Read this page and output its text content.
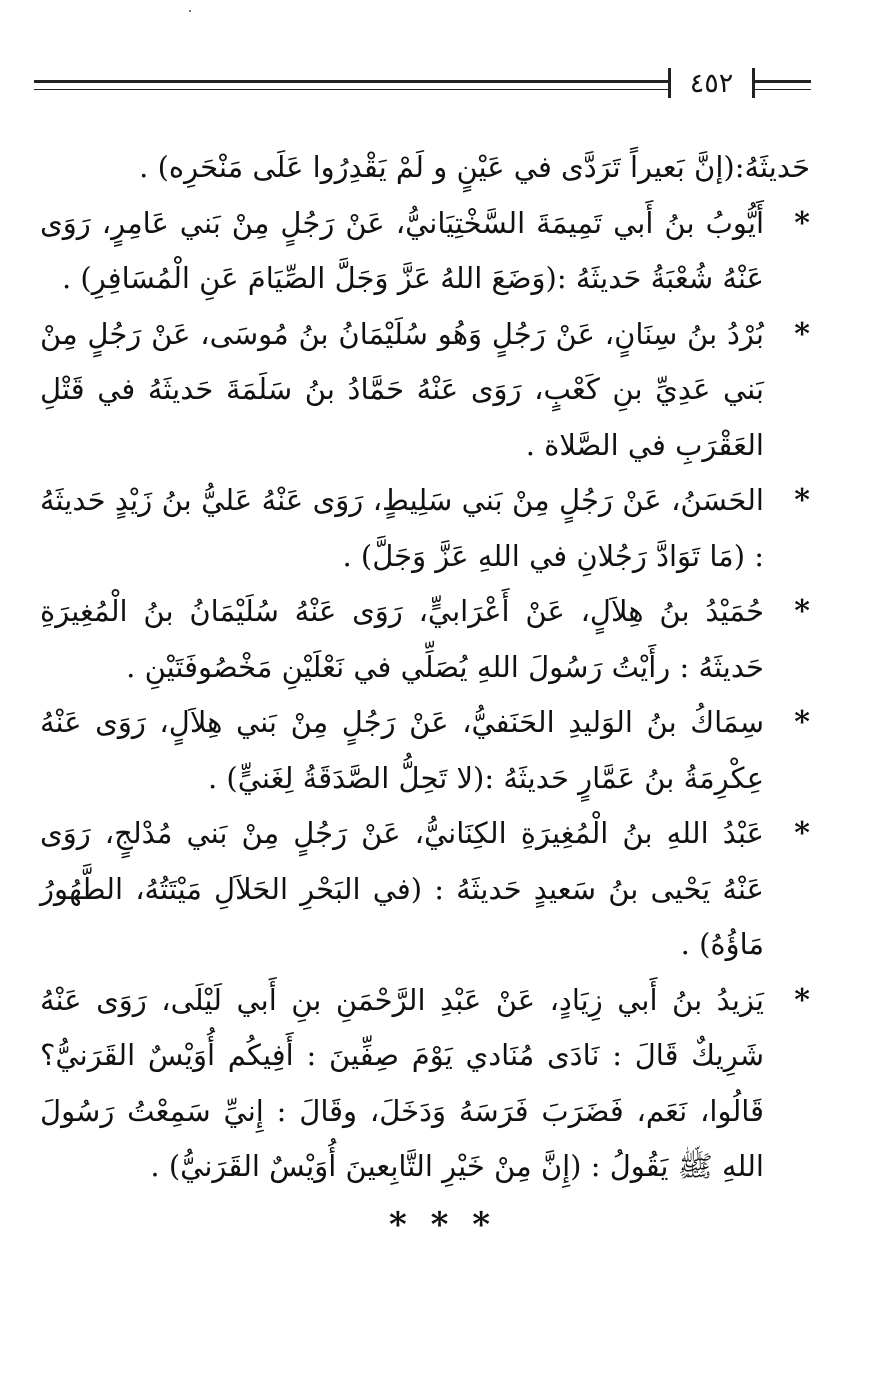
٤٥٢

حَديثَهُ:(إنَّ بَعيراً تَرَدَّى في عَيْنٍ و لَمْ يَقْدِرُوا عَلَى مَنْحَرِه) .

*
أَيُّوبُ بنُ أَبي تَمِيمَةَ السَّخْتِيَانيُّ، عَنْ رَجُلٍ مِنْ بَني عَامِرٍ، رَوَى عَنْهُ شُعْبَةُ حَديثَهُ :(وَضَعَ اللهُ عَزَّ وَجَلَّ الصِّيَامَ عَنِ الْمُسَافِرِ) .

*
بُرْدُ بنُ سِنَانٍ، عَنْ رَجُلٍ وَهُو سُلَيْمَانُ بنُ مُوسَى، عَنْ رَجُلٍ مِنْ بَني عَدِيِّ بنِ كَعْبٍ، رَوَى عَنْهُ حَمَّادُ بنُ سَلَمَةَ حَديثَهُ في قَتْلِ العَقْرَبِ في الصَّلاة .

*
الحَسَنُ، عَنْ رَجُلٍ مِنْ بَني سَلِيطٍ، رَوَى عَنْهُ عَليُّ بنُ زَيْدٍ حَديثَهُ : (مَا تَوَادَّ رَجُلانِ في اللهِ عَزَّ وَجَلَّ) .

*
حُمَيْدُ بنُ هِلاَلٍ، عَنْ أَعْرَابيٍّ، رَوَى عَنْهُ سُلَيْمَانُ بنُ الْمُغِيرَةِ حَديثَهُ : رأَيْتُ رَسُولَ اللهِ يُصَلِّي في نَعْلَيْنِ مَخْصُوفَتَيْنِ .

*
سِمَاكُ بنُ الوَليدِ الحَنَفيُّ، عَنْ رَجُلٍ مِنْ بَني هِلاَلٍ، رَوَى عَنْهُ عِكْرِمَةُ بنُ عَمَّارٍ حَديثَهُ :(لا تَحِلُّ الصَّدَقَةُ لِغَنيٍّ) .

*
عَبْدُ اللهِ بنُ الْمُغِيرَةِ الكِنَانيُّ، عَنْ رَجُلٍ مِنْ بَني مُدْلجٍ، رَوَى عَنْهُ يَحْيى بنُ سَعيدٍ حَديثَهُ : (في البَحْرِ الحَلاَلِ مَيْتَتُهُ، الطَّهُورُ مَاؤُهُ) .

*
يَزيدُ بنُ أَبي زِيَادٍ، عَنْ عَبْدِ الرَّحْمَنِ بنِ أَبي لَيْلَى، رَوَى عَنْهُ شَرِيكٌ قَالَ : نَادَى مُنَادي يَوْمَ صِفِّينَ : أَفِيكُم أُوَيْسٌ القَرَنيُّ؟ قَالُوا، نَعَم، فَضَرَبَ فَرَسَهُ وَدَخَلَ، وقَالَ : إِنيِّ سَمِعْتُ رَسُولَ اللهِ ﷺ يَقُولُ : (إِنَّ مِنْ خَيْرِ التَّابِعينَ أُوَيْسٌ القَرَنيُّ) .

* * *
